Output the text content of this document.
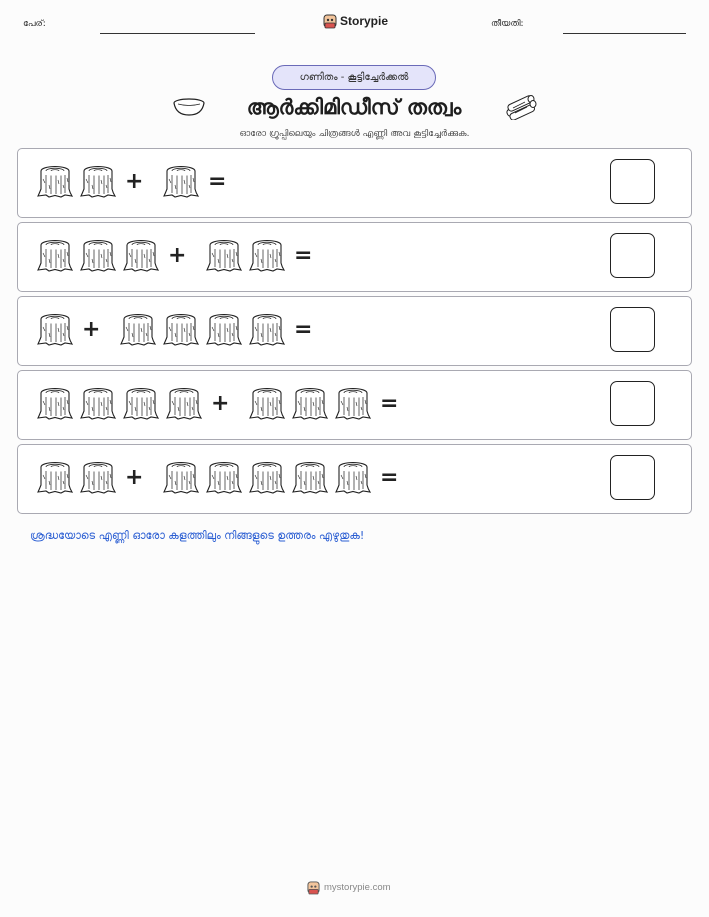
പേര്:	Storypie	തീയതി:
ഗണിതം - കൂട്ടിച്ചേർക്കൽ
ആർക്കിമിഡീസ് തത്വം
ഓരോ ഗ്രൂപ്പിലെയും ചിത്രങ്ങൾ എണ്ണി അവ കൂട്ടിച്ചേർക്കുക.
+	=
+	=
+	=
+	=
+	=
ശ്രദ്ധയോടെ എണ്ണി ഓരോ കളത്തിലും നിങ്ങളുടെ ഉത്തരം എഴുതുക!
mystorypie.com
